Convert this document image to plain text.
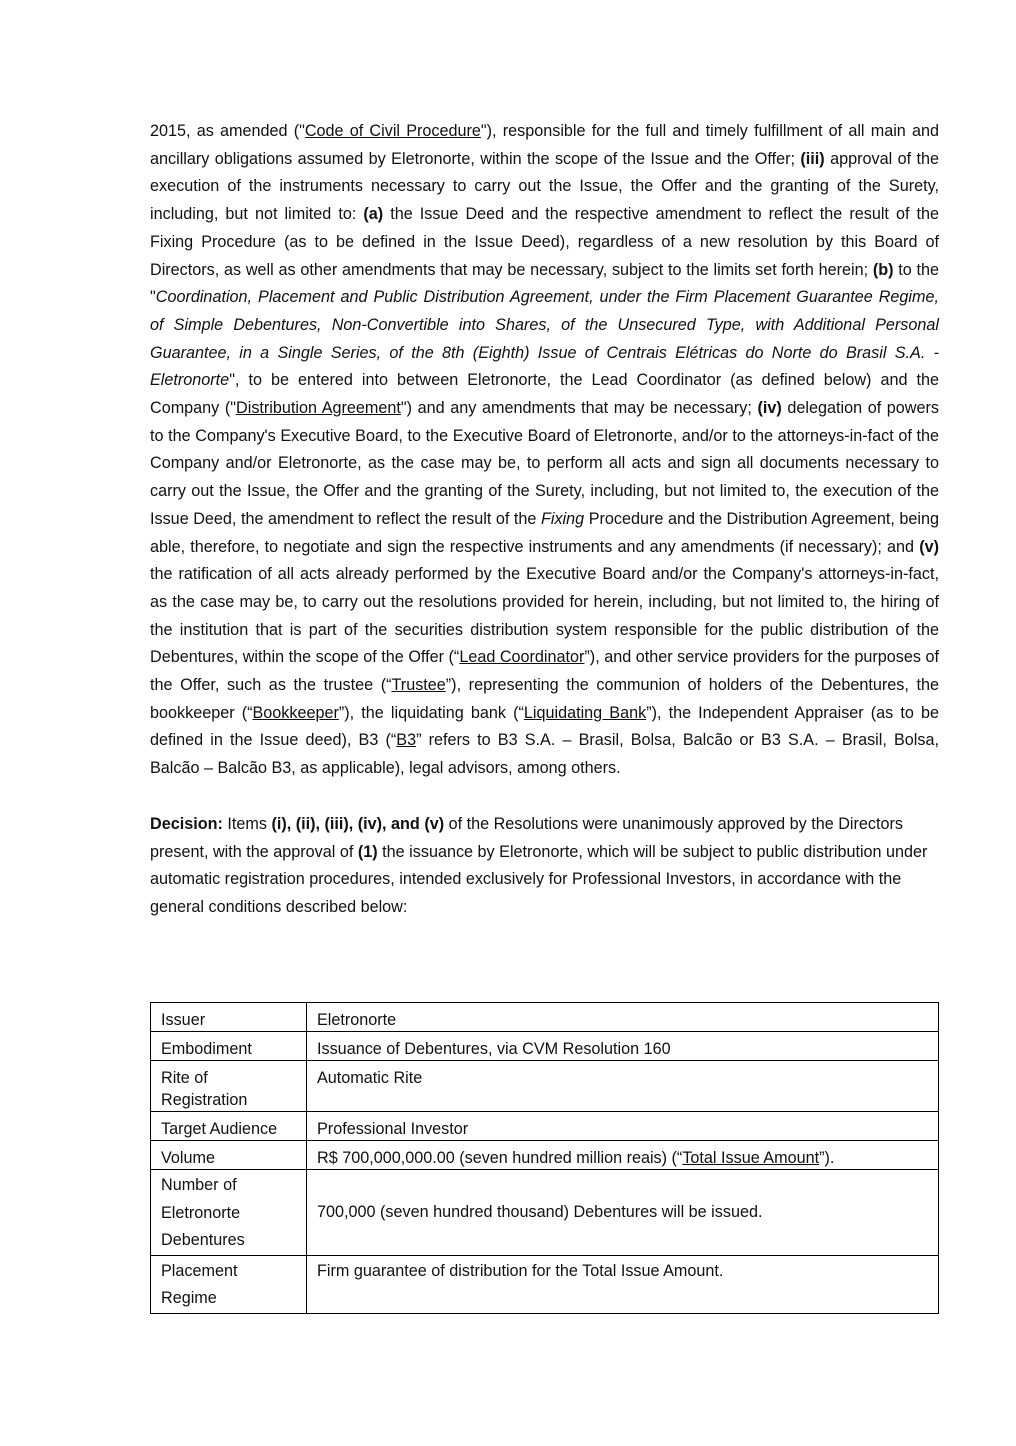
2015, as amended ("Code of Civil Procedure"), responsible for the full and timely fulfillment of all main and ancillary obligations assumed by Eletronorte, within the scope of the Issue and the Offer; (iii) approval of the execution of the instruments necessary to carry out the Issue, the Offer and the granting of the Surety, including, but not limited to: (a) the Issue Deed and the respective amendment to reflect the result of the Fixing Procedure (as to be defined in the Issue Deed), regardless of a new resolution by this Board of Directors, as well as other amendments that may be necessary, subject to the limits set forth herein; (b) to the "Coordination, Placement and Public Distribution Agreement, under the Firm Placement Guarantee Regime, of Simple Debentures, Non-Convertible into Shares, of the Unsecured Type, with Additional Personal Guarantee, in a Single Series, of the 8th (Eighth) Issue of Centrais Elétricas do Norte do Brasil S.A. - Eletronorte", to be entered into between Eletronorte, the Lead Coordinator (as defined below) and the Company ("Distribution Agreement") and any amendments that may be necessary; (iv) delegation of powers to the Company's Executive Board, to the Executive Board of Eletronorte, and/or to the attorneys-in-fact of the Company and/or Eletronorte, as the case may be, to perform all acts and sign all documents necessary to carry out the Issue, the Offer and the granting of the Surety, including, but not limited to, the execution of the Issue Deed, the amendment to reflect the result of the Fixing Procedure and the Distribution Agreement, being able, therefore, to negotiate and sign the respective instruments and any amendments (if necessary); and (v) the ratification of all acts already performed by the Executive Board and/or the Company's attorneys-in-fact, as the case may be, to carry out the resolutions provided for herein, including, but not limited to, the hiring of the institution that is part of the securities distribution system responsible for the public distribution of the Debentures, within the scope of the Offer (“Lead Coordinator”), and other service providers for the purposes of the Offer, such as the trustee (“Trustee”), representing the communion of holders of the Debentures, the bookkeeper (“Bookkeeper”), the liquidating bank (“Liquidating Bank”), the Independent Appraiser (as to be defined in the Issue deed), B3 (“B3” refers to B3 S.A. – Brasil, Bolsa, Balcão or B3 S.A. – Brasil, Bolsa, Balcão – Balcão B3, as applicable), legal advisors, among others.

Decision: Items (i), (ii), (iii), (iv), and (v) of the Resolutions were unanimously approved by the Directors present, with the approval of (1) the issuance by Eletronorte, which will be subject to public distribution under automatic registration procedures, intended exclusively for Professional Investors, in accordance with the general conditions described below:

Issuer	Eletronorte
Embodiment	Issuance of Debentures, via CVM Resolution 160
Rite of Registration	Automatic Rite
Target Audience	Professional Investor
Volume	R$ 700,000,000.00 (seven hundred million reais) (“Total Issue Amount”).
Number of Eletronorte Debentures	700,000 (seven hundred thousand) Debentures will be issued.
Placement Regime	Firm guarantee of distribution for the Total Issue Amount.
